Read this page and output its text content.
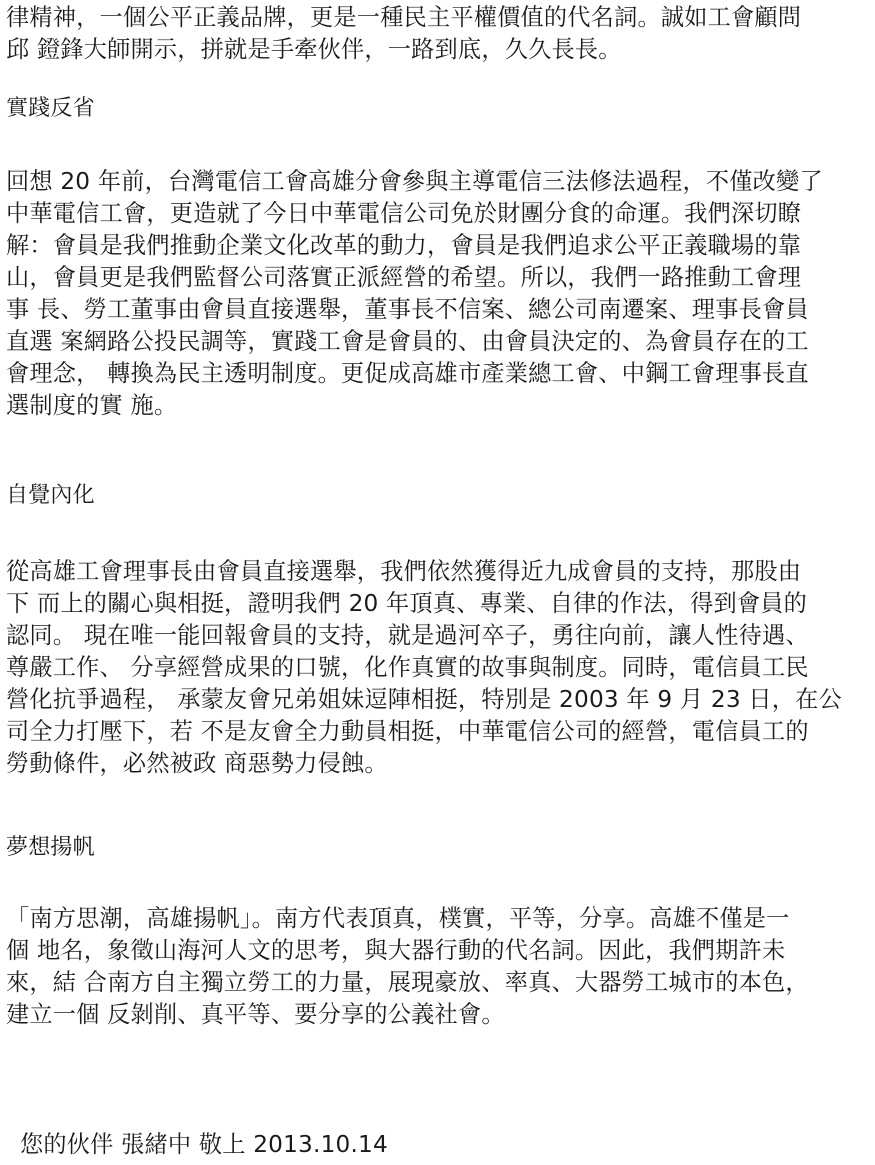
律精神，一個公平正義品牌，更是一種民主平權價值的代名詞。誠如工會顧問
邱 鐙鋒大師開示，拼就是手牽伙伴，一路到底，久久長長。
實踐反省
回想 20 年前，台灣電信工會高雄分會參與主導電信三法修法過程，不僅改變了
中華電信工會，更造就了今日中華電信公司免於財團分食的命運。我們深切瞭
解：會員是我們推動企業文化改革的動力，會員是我們追求公平正義職場的靠
山，會員更是我們監督公司落實正派經營的希望。所以，我們一路推動工會理
事 長、勞工董事由會員直接選舉，董事長不信案、總公司南遷案、理事長會員
直選 案網路公投民調等，實踐工會是會員的、由會員決定的、為會員存在的工
會理念， 轉換為民主透明制度。更促成高雄市產業總工會、中鋼工會理事長直
選制度的實 施。
自覺內化
從高雄工會理事長由會員直接選舉，我們依然獲得近九成會員的支持，那股由
下 而上的關心與相挺，證明我們 20 年頂真、專業、自律的作法，得到會員的
認同。 現在唯一能回報會員的支持，就是過河卒子，勇往向前，讓人性待遇、
尊嚴工作、 分享經營成果的口號，化作真實的故事與制度。同時，電信員工民
營化抗爭過程， 承蒙友會兄弟姐妹逗陣相挺，特別是 2003 年 9 月 23 日，在公
司全力打壓下，若 不是友會全力動員相挺，中華電信公司的經營，電信員工的
勞動條件，必然被政 商惡勢力侵蝕。
夢想揚帆
「南方思潮，高雄揚帆」。南方代表頂真，樸實，平等，分享。高雄不僅是一
個 地名，象徵山海河人文的思考，與大器行動的代名詞。因此，我們期許未
來，結 合南方自主獨立勞工的力量，展現豪放、率真、大器勞工城市的本色，
建立一個 反剝削、真平等、要分享的公義社會。
您的伙伴 張緒中 敬上 2013.10.14
